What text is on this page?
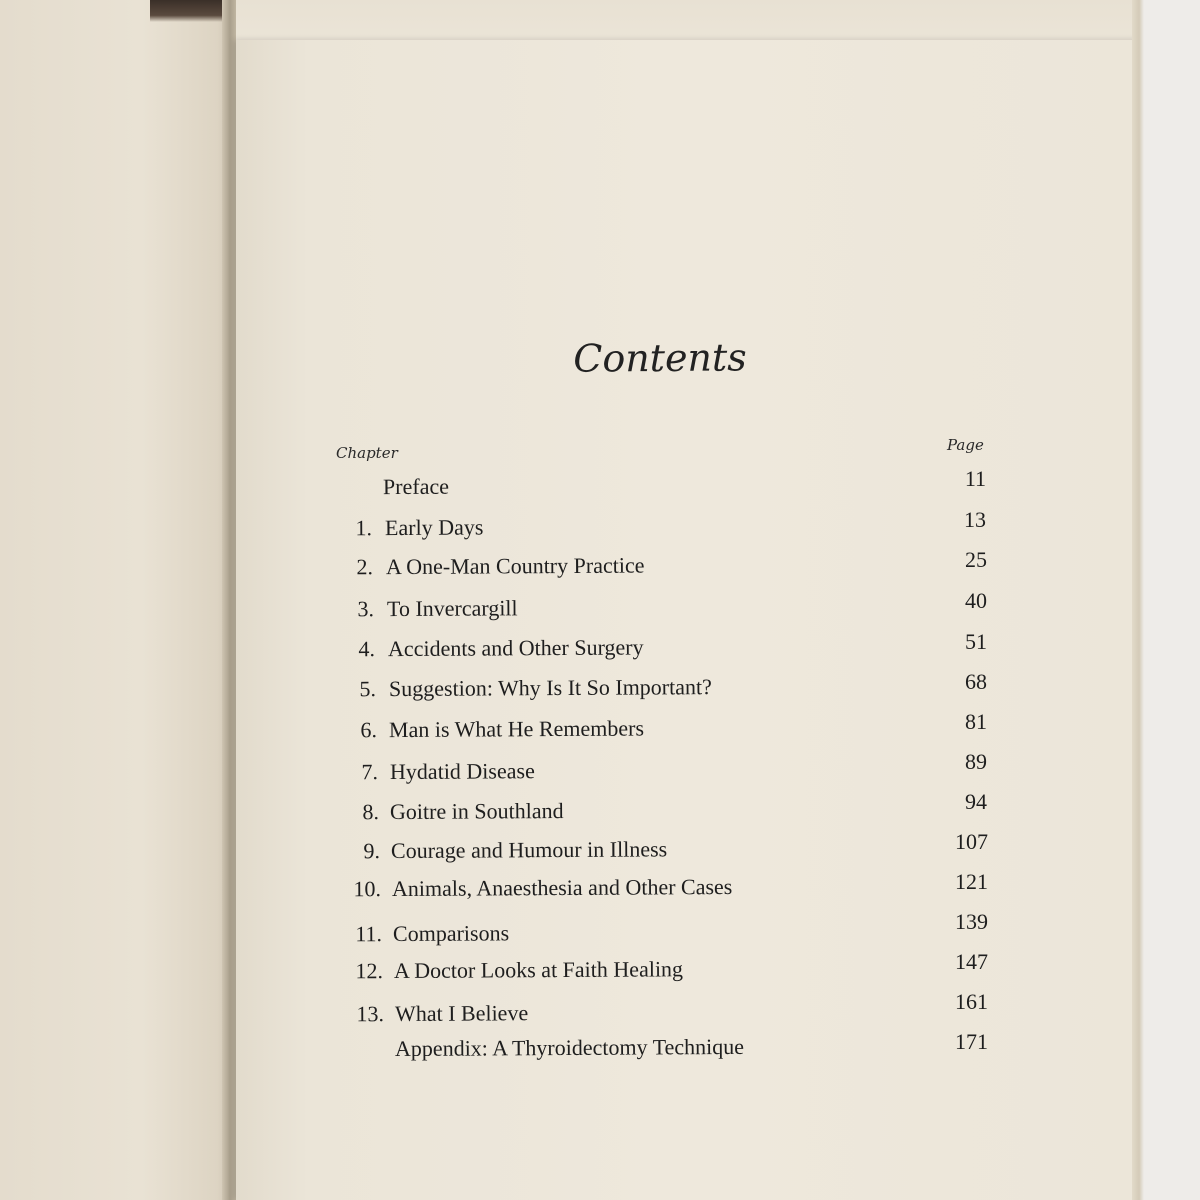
Contents
Chapter	Page
Preface	11
1. Early Days	13
2. A One-Man Country Practice	25
3. To Invercargill	40
4. Accidents and Other Surgery	51
5. Suggestion: Why Is It So Important?	68
6. Man is What He Remembers	81
7. Hydatid Disease	89
8. Goitre in Southland	94
9. Courage and Humour in Illness	107
10. Animals, Anaesthesia and Other Cases	121
11. Comparisons	139
12. A Doctor Looks at Faith Healing	147
13. What I Believe	161
Appendix: A Thyroidectomy Technique	171
